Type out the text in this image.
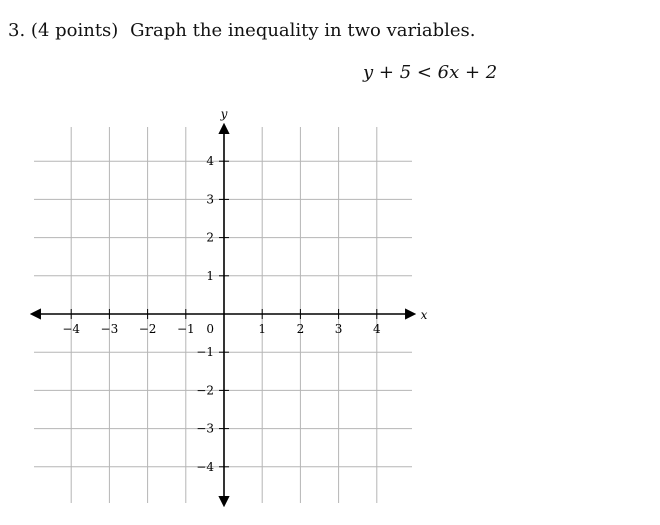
3. (4 points) Graph the inequality in two variables.
y + 5 < 6x + 2
x
y
−4 −3 −2 −1	1	2	3	4
−4
−3
−2
−1
1
2
3
4
0
